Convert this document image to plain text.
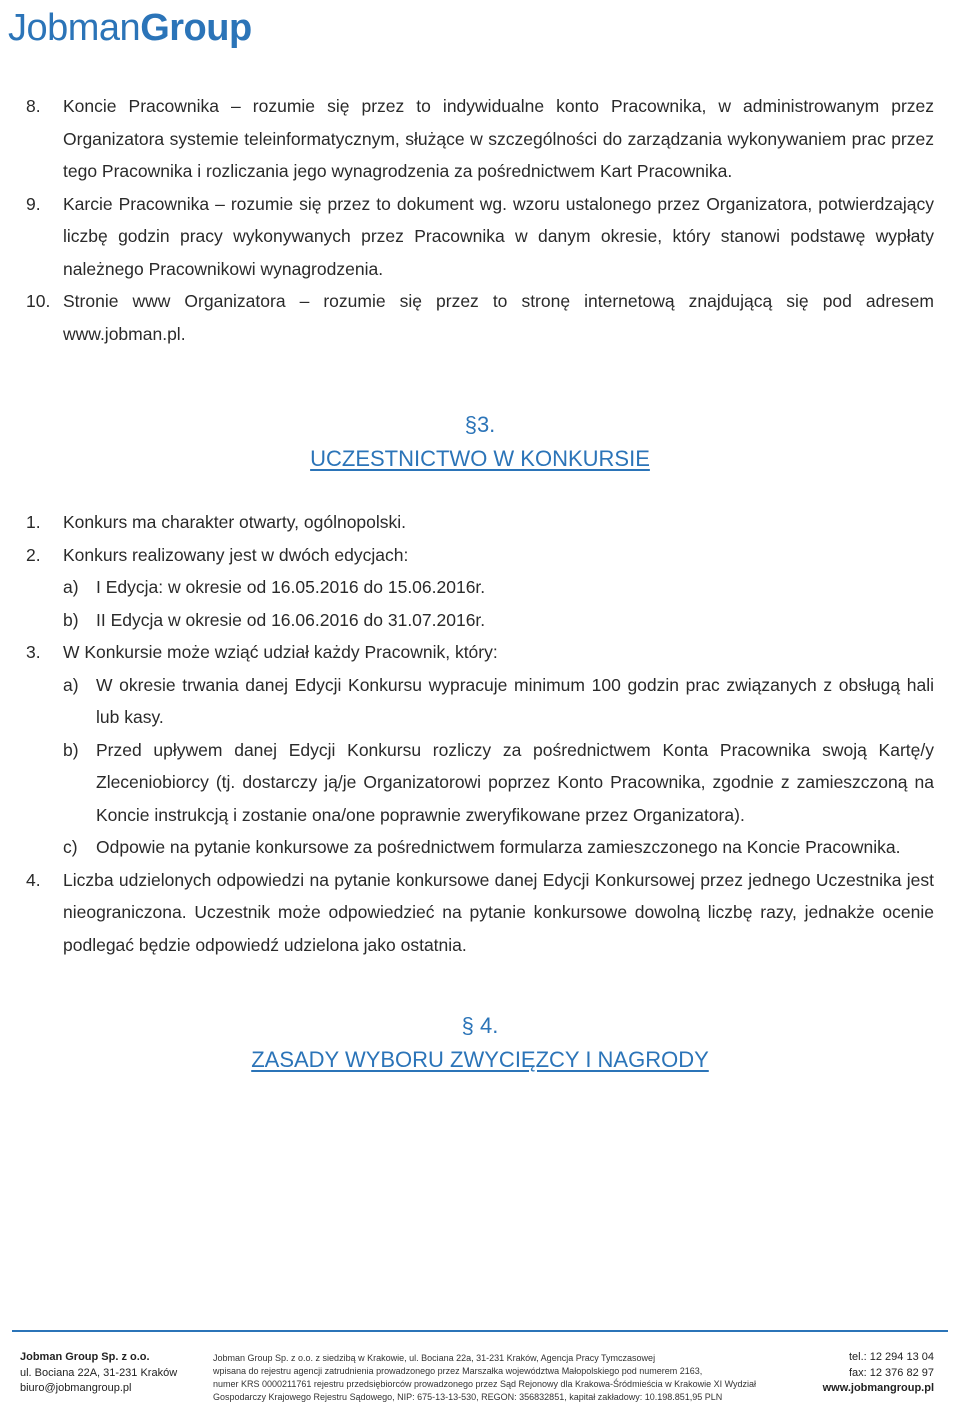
JobmanGroup
8. Koncie Pracownika – rozumie się przez to indywidualne konto Pracownika, w administrowanym przez Organizatora systemie teleinformatycznym, służące w szczególności do zarządzania wykonywaniem prac przez tego Pracownika i rozliczania jego wynagrodzenia za pośrednictwem Kart Pracownika.
9. Karcie Pracownika – rozumie się przez to dokument wg. wzoru ustalonego przez Organizatora, potwierdzający liczbę godzin pracy wykonywanych przez Pracownika w danym okresie, który stanowi podstawę wypłaty należnego Pracownikowi wynagrodzenia.
10. Stronie www Organizatora – rozumie się przez to stronę internetową znajdującą się pod adresem www.jobman.pl.
§3.
UCZESTNICTWO W KONKURSIE
1. Konkurs ma charakter otwarty, ogólnopolski.
2. Konkurs realizowany jest w dwóch edycjach:
a) I Edycja: w okresie od 16.05.2016 do 15.06.2016r.
b) II Edycja w okresie od 16.06.2016 do 31.07.2016r.
3. W Konkursie może wziąć udział każdy Pracownik, który:
a) W okresie trwania danej Edycji Konkursu wypracuje minimum 100 godzin prac związanych z obsługą hali lub kasy.
b) Przed upływem danej Edycji Konkursu rozliczy za pośrednictwem Konta Pracownika swoją Kartę/y Zleceniobiorcy (tj. dostarczy ją/je Organizatorowi poprzez Konto Pracownika, zgodnie z zamieszczoną na Koncie instrukcją i zostanie ona/one poprawnie zweryfikowane przez Organizatora).
c) Odpowie na pytanie konkursowe za pośrednictwem formularza zamieszczonego na Koncie Pracownika.
4. Liczba udzielonych odpowiedzi na pytanie konkursowe danej Edycji Konkursowej przez jednego Uczestnika jest nieograniczona. Uczestnik może odpowiedzieć na pytanie konkursowe dowolną liczbę razy, jednakże ocenie podlegać będzie odpowiedź udzielona jako ostatnia.
§ 4.
ZASADY WYBORU ZWYCIĘZCY I NAGRODY
Jobman Group Sp. z o.o.
ul. Bociana 22A, 31-231 Kraków
biuro@jobmangroup.pl
Jobman Group Sp. z o.o. z siedzibą w Krakowie, ul. Bociana 22a, 31-231 Kraków, Agencja Pracy Tymczasowej
wpisana do rejestru agencji zatrudnienia prowadzonego przez Marszałka województwa Małopolskiego pod numerem 2163,
numer KRS 0000211761 rejestru przedsiębiorców prowadzonego przez Sąd Rejonowy dla Krakowa-Śródmieścia w Krakowie XI Wydział
Gospodarczy Krajowego Rejestru Sądowego, NIP: 675-13-13-530, REGON: 356832851, kapitał zakładowy: 10.198.851,95 PLN
tel.: 12 294 13 04
fax: 12 376 82 97
www.jobmangroup.pl
